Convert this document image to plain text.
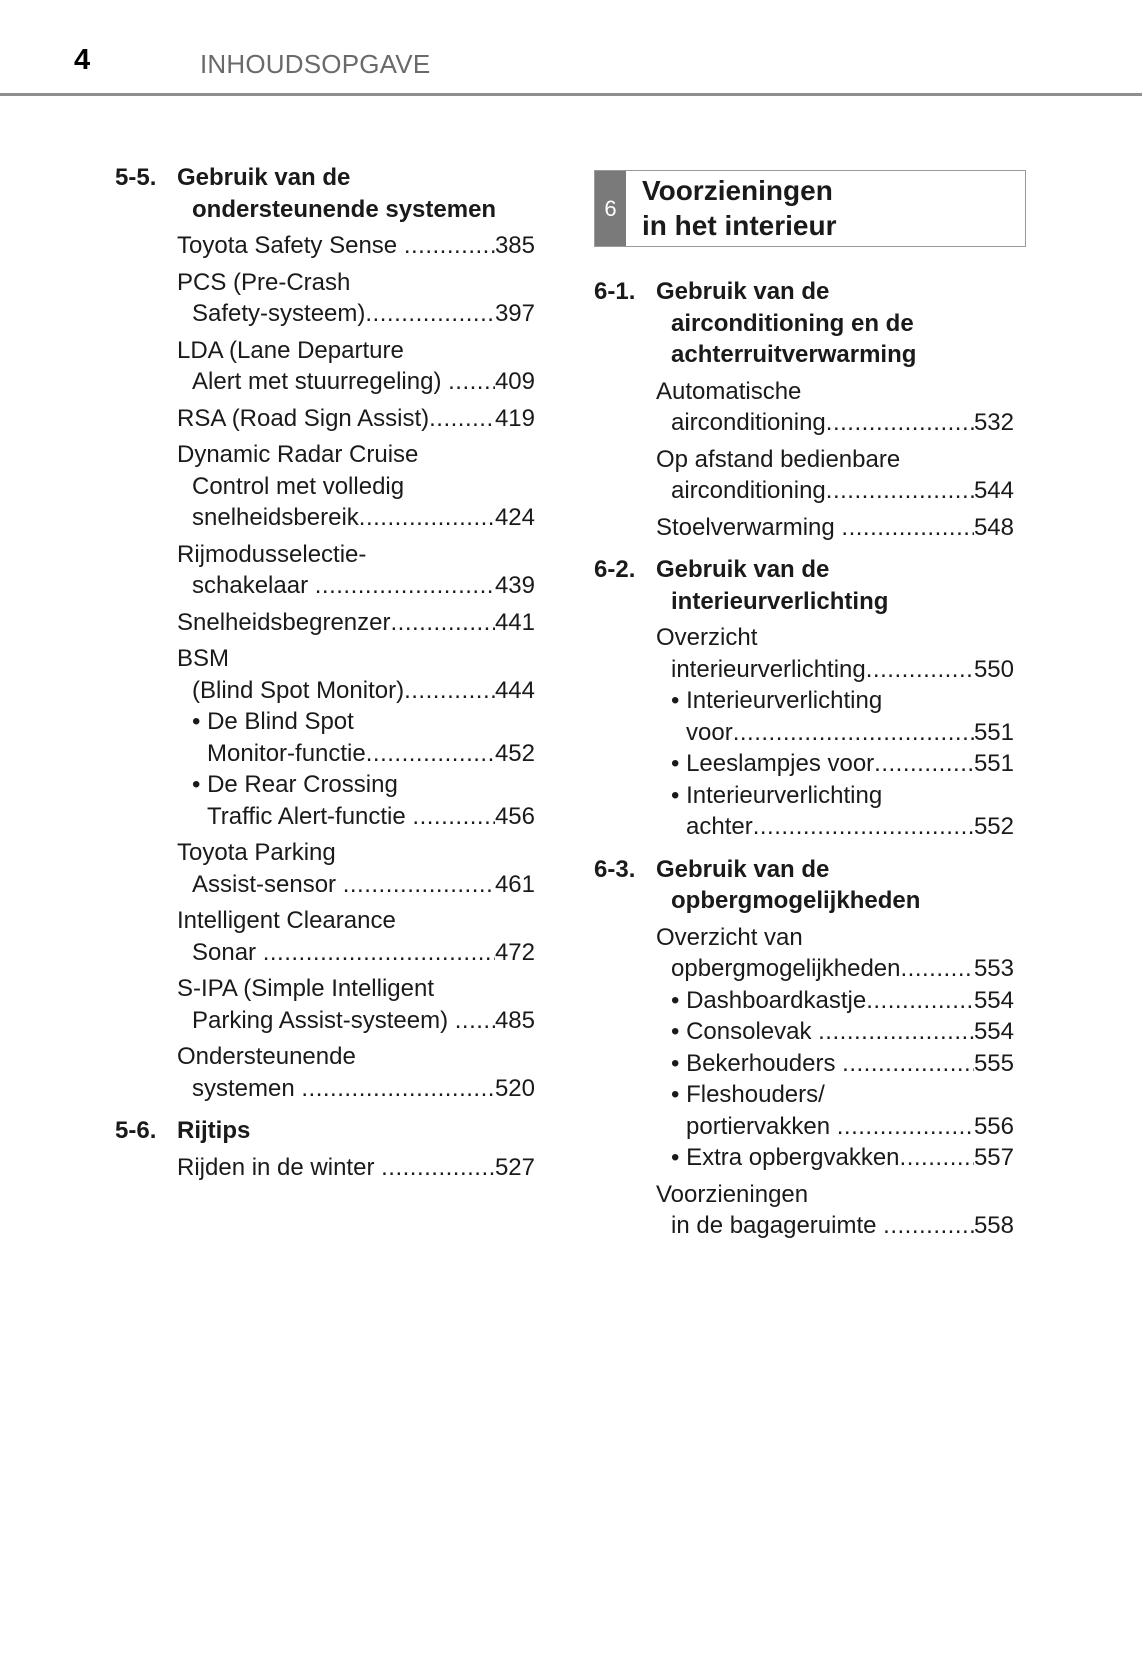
4	INHOUDSOPGAVE
5-5. Gebruik van de
ondersteunende systemen
Toyota Safety Sense .....	385
PCS (Pre-Crash
Safety-systeem) .....	397
LDA (Lane Departure
Alert met stuurregeling) ..... 409
RSA (Road Sign Assist) .....	419
Dynamic Radar Cruise
Control met volledig
snelheidsbereik .....	424
Rijmodusselectie-
schakelaar .....	439
Snelheidsbegrenzer .....	441
BSM
(Blind Spot Monitor) .....	444
• De Blind Spot
Monitor-functie .....	452
• De Rear Crossing
Traffic Alert-functie .....	456
Toyota Parking
Assist-sensor .....	461
Intelligent Clearance
Sonar .....	472
S-IPA (Simple Intelligent
Parking Assist-systeem) ..... 485
Ondersteunende
systemen .....	520
5-6. Rijtips
Rijden in de winter .....	527
6
Voorzieningen
in het interieur
6-1. Gebruik van de
airconditioning en de
achterruitverwarming
Automatische
airconditioning .....	532
Op afstand bedienbare
airconditioning .....	544
Stoelverwarming .....	548
6-2. Gebruik van de
interieurverlichting
Overzicht
interieurverlichting .....	550
• Interieurverlichting
voor .....	551
• Leeslampjes voor .....	551
• Interieurverlichting
achter .....	552
6-3. Gebruik van de
opbergmogelijkheden
Overzicht van
opbergmogelijkheden .....	553
• Dashboardkastje .....	554
• Consolevak .....	554
• Bekerhouders .....	555
• Fleshouders/
portiervakken .....	556
• Extra opbergvakken .....	557
Voorzieningen
in de bagageruimte .....	558
